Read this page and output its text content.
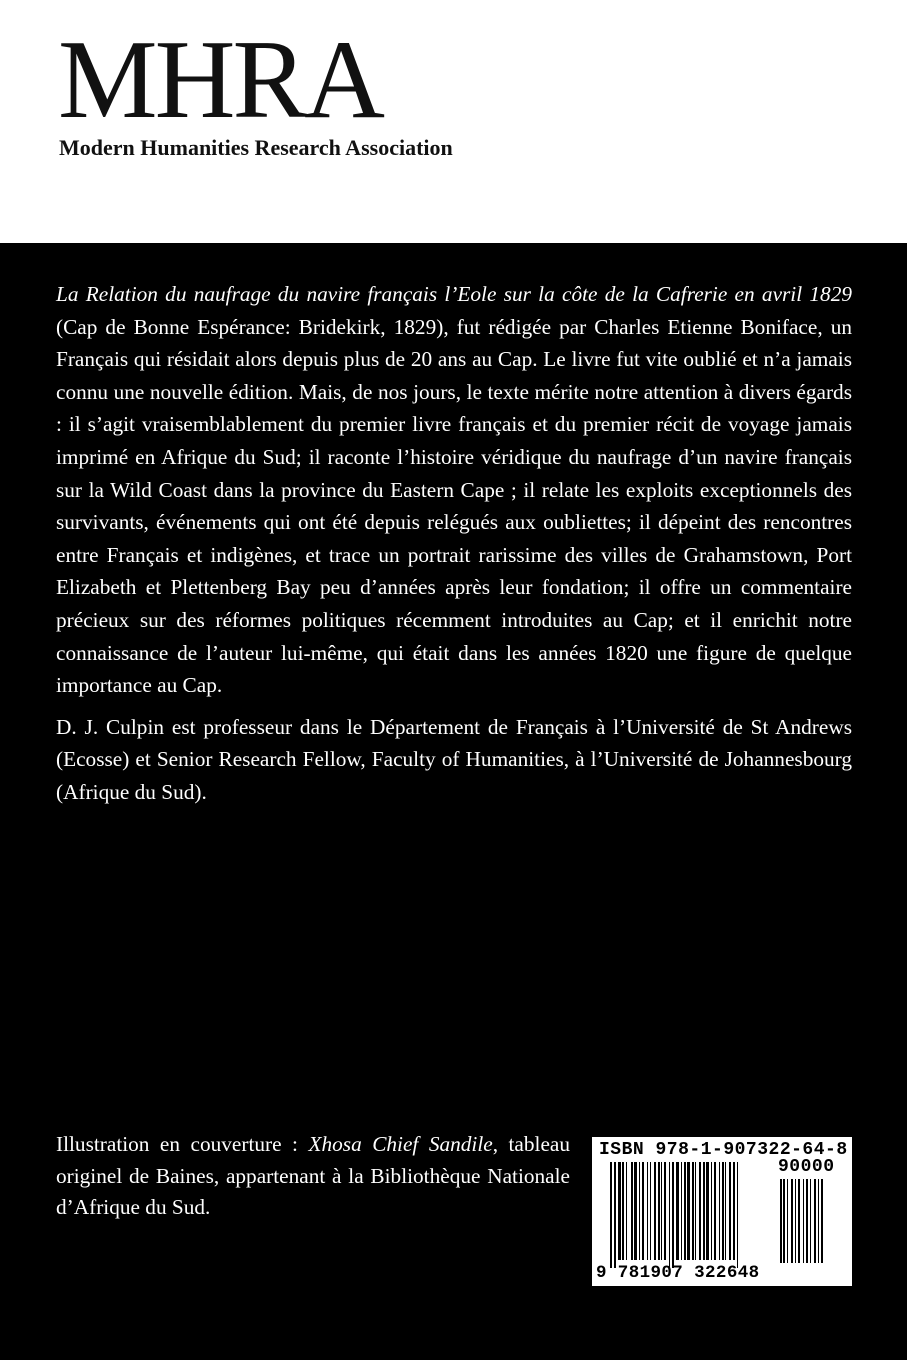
MHRA
Modern Humanities Research Association

La Relation du naufrage du navire français l’Eole sur la côte de la Cafrerie en avril 1829 (Cap de Bonne Espérance: Bridekirk, 1829), fut rédigée par Charles Etienne Boniface, un Français qui résidait alors depuis plus de 20 ans au Cap. Le livre fut vite oublié et n’a jamais connu une nouvelle édition. Mais, de nos jours, le texte mérite notre attention à divers égards : il s’agit vraisemblablement du premier livre français et du premier récit de voyage jamais imprimé en Afrique du Sud; il raconte l’histoire véridique du naufrage d’un navire français sur la Wild Coast dans la province du Eastern Cape ; il relate les exploits exceptionnels des survivants, événements qui ont été depuis relégués aux oubliettes; il dépeint des rencontres entre Français et indigènes, et trace un portrait rarissime des villes de Grahamstown, Port Elizabeth et Plettenberg Bay peu d’années après leur fondation; il offre un commentaire précieux sur des réformes politiques récemment introduites au Cap; et il enrichit notre connaissance de l’auteur lui-même, qui était dans les années 1820 une figure de quelque importance au Cap.

D. J. Culpin est professeur dans le Département de Français à l’Université de St Andrews (Ecosse) et Senior Research Fellow, Faculty of Humanities, à l’Université de Johannesbourg (Afrique du Sud).

Illustration en couverture : Xhosa Chief Sandile, tableau originel de Baines, appartenant à la Bibliothèque Nationale d’Afrique du Sud.

ISBN 978-1-907322-64-8
90000
9 781907 322648
